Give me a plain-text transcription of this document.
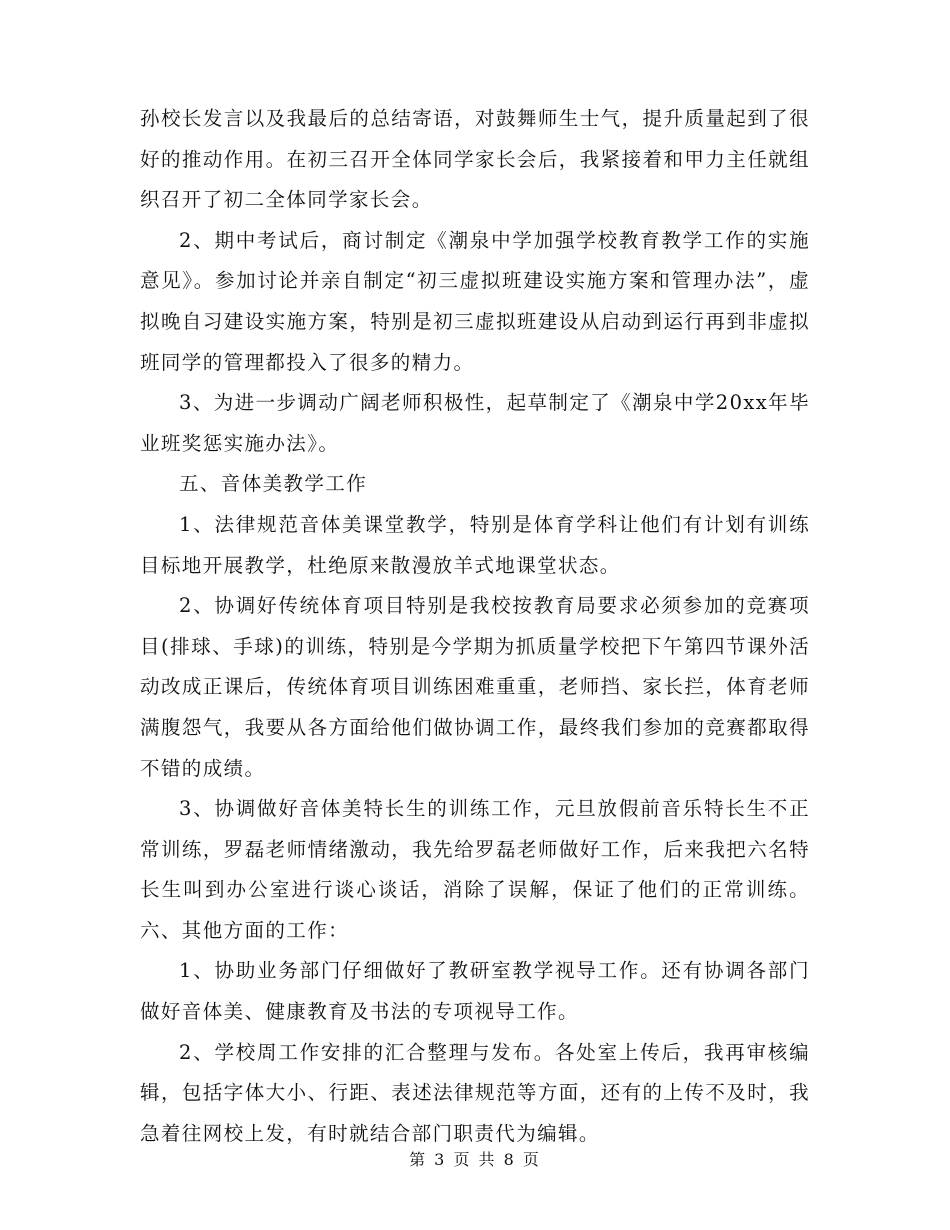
孙校长发言以及我最后的总结寄语，对鼓舞师生士气，提升质量起到了很好的推动作用。在初三召开全体同学家长会后，我紧接着和甲力主任就组织召开了初二全体同学家长会。

2、期中考试后，商讨制定《潮泉中学加强学校教育教学工作的实施意见》。参加讨论并亲自制定“初三虚拟班建设实施方案和管理办法”，虚拟晚自习建设实施方案，特别是初三虚拟班建设从启动到运行再到非虚拟班同学的管理都投入了很多的精力。

3、为进一步调动广阔老师积极性，起草制定了《潮泉中学20xx年毕业班奖惩实施办法》。

五、音体美教学工作

1、法律规范音体美课堂教学，特别是体育学科让他们有计划有训练目标地开展教学，杜绝原来散漫放羊式地课堂状态。

2、协调好传统体育项目特别是我校按教育局要求必须参加的竞赛项目(排球、手球)的训练，特别是今学期为抓质量学校把下午第四节课外活动改成正课后，传统体育项目训练困难重重，老师挡、家长拦，体育老师满腹怨气，我要从各方面给他们做协调工作，最终我们参加的竞赛都取得不错的成绩。

3、协调做好音体美特长生的训练工作，元旦放假前音乐特长生不正常训练，罗磊老师情绪激动，我先给罗磊老师做好工作，后来我把六名特长生叫到办公室进行谈心谈话，消除了误解，保证了他们的正常训练。六、其他方面的工作：

1、协助业务部门仔细做好了教研室教学视导工作。还有协调各部门做好音体美、健康教育及书法的专项视导工作。

2、学校周工作安排的汇合整理与发布。各处室上传后，我再审核编辑，包括字体大小、行距、表述法律规范等方面，还有的上传不及时，我急着往网校上发，有时就结合部门职责代为编辑。

第 3 页 共 8 页
